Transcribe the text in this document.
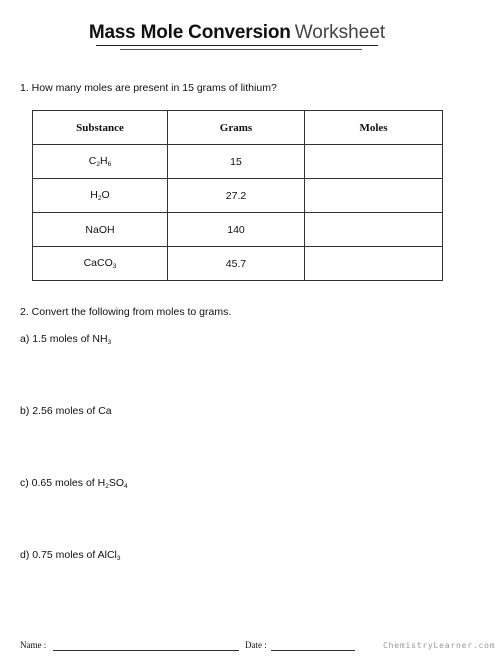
Mass Mole Conversion Worksheet
1. How many moles are present in 15 grams of lithium?
Substance	Grams	Moles
$C_2H_6$	15	
$H_2O$	27.2	
NaOH	140	
CaCO$_3$	45.7	
2. Convert the following from moles to grams.
a) 1.5 moles of $NH_3$
b) 2.56 moles of Ca
c) 0.65 moles of $H_2SO_4$
d) 0.75 moles of AlCl$_3$
Name :	Date :	ChemistryLearner.com
